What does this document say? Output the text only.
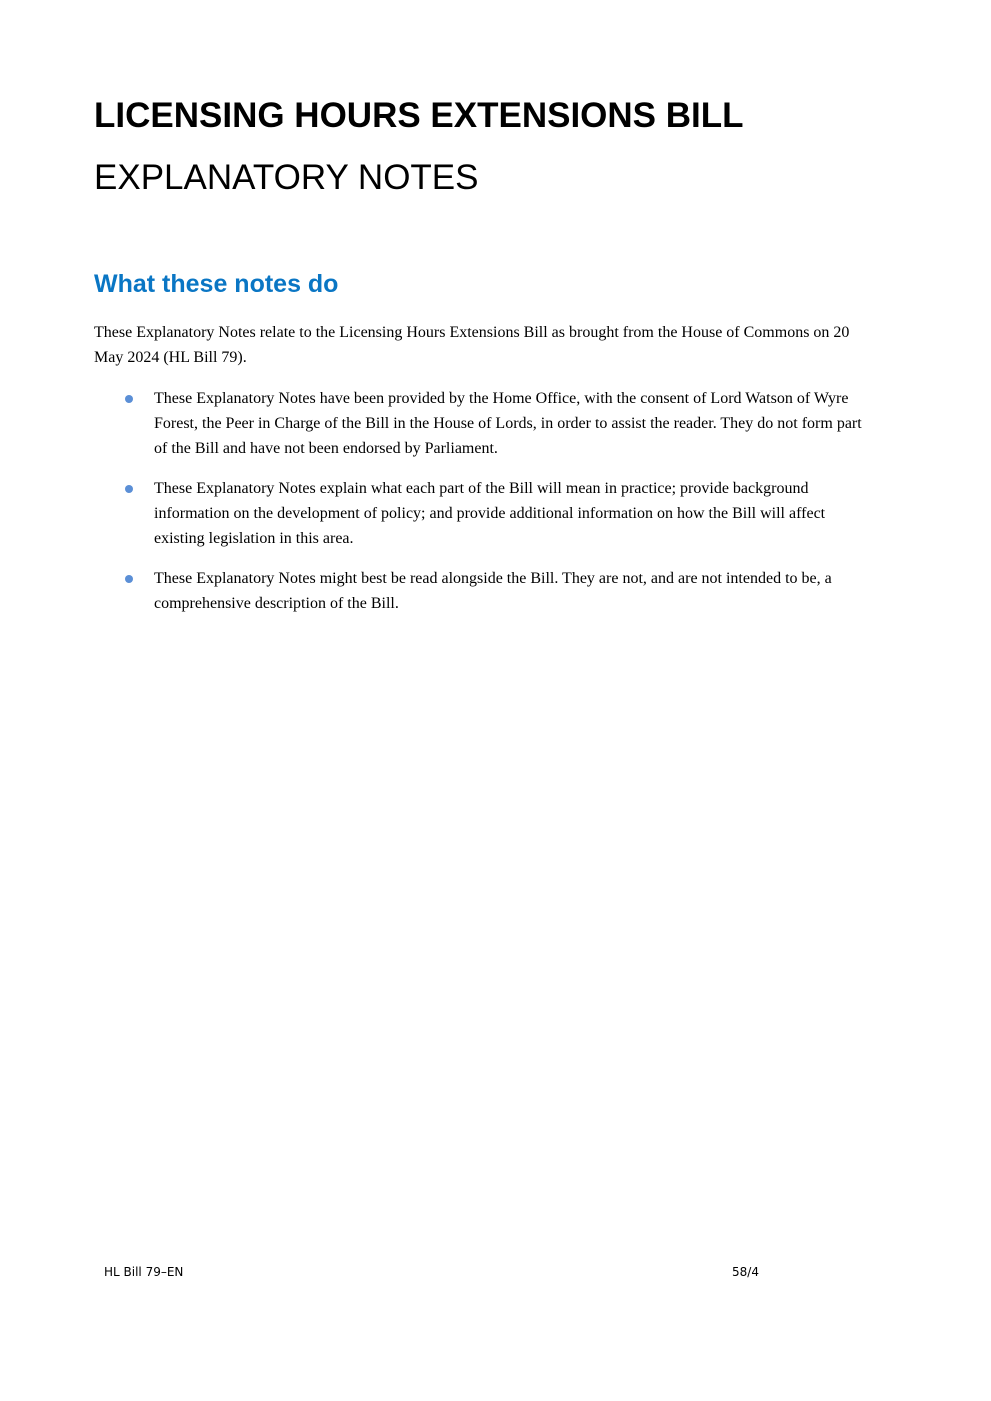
LICENSING HOURS EXTENSIONS BILL
EXPLANATORY NOTES
What these notes do

These Explanatory Notes relate to the Licensing Hours Extensions Bill as brought from the House of Commons on 20 May 2024 (HL Bill 79).

These Explanatory Notes have been provided by the Home Office, with the consent of Lord Watson of Wyre Forest, the Peer in Charge of the Bill in the House of Lords, in order to assist the reader. They do not form part of the Bill and have not been endorsed by Parliament.
These Explanatory Notes explain what each part of the Bill will mean in practice; provide background information on the development of policy; and provide additional information on how the Bill will affect existing legislation in this area.
These Explanatory Notes might best be read alongside the Bill. They are not, and are not intended to be, a comprehensive description of the Bill.

HL Bill 79–EN	58/4
